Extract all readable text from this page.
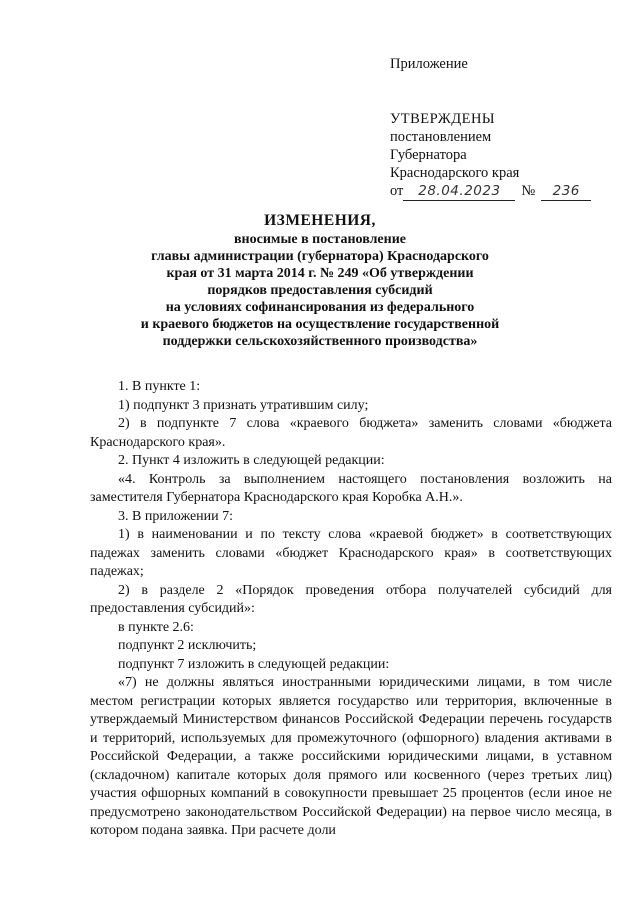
Приложение
УТВЕРЖДЕНЫ
постановлением
Губернатора
Краснодарского края
от	28.04.2023	№	236
ИЗМЕНЕНИЯ,
вносимые в постановление
главы администрации (губернатора) Краснодарского
края от 31 марта 2014 г. № 249 «Об утверждении
порядков предоставления субсидий
на условиях софинансирования из федерального
и краевого бюджетов на осуществление государственной
поддержки сельскохозяйственного производства»

1. В пункте 1:

1) подпункт 3 признать утратившим силу;

2) в подпункте 7 слова «краевого бюджета» заменить словами «бюджета Краснодарского края».

2. Пункт 4 изложить в следующей редакции:

«4. Контроль за выполнением настоящего постановления возложить на заместителя Губернатора Краснодарского края Коробка А.Н.».

3. В приложении 7:

1) в наименовании и по тексту слова «краевой бюджет» в соответствующих падежах заменить словами «бюджет Краснодарского края» в соответствующих падежах;

2) в разделе 2 «Порядок проведения отбора получателей субсидий для предоставления субсидий»:

в пункте 2.6:

подпункт 2 исключить;

подпункт 7 изложить в следующей редакции:

«7) не должны являться иностранными юридическими лицами, в том числе местом регистрации которых является государство или территория, включенные в утверждаемый Министерством финансов Российской Федерации перечень государств и территорий, используемых для промежуточного (офшорного) владения активами в Российской Федерации, а также российскими юридическими лицами, в уставном (складочном) капитале которых доля прямого или косвенного (через третьих лиц) участия офшорных компаний в совокупности превышает 25 процентов (если иное не предусмотрено законодательством Российской Федерации) на первое число месяца, в котором подана заявка. При расчете доли
